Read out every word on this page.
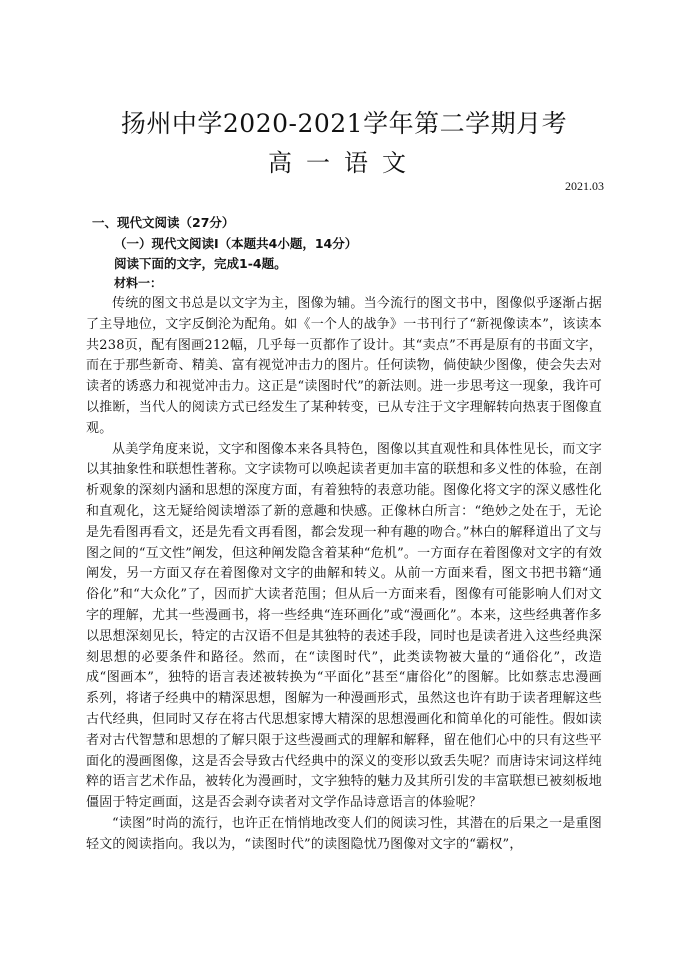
扬州中学2020-2021学年第二学期月考
高一语文
2021.03
一、现代文阅读（27分）
（一）现代文阅读Ⅰ（本题共4小题，14分）
阅读下面的文字，完成1-4题。
材料一：

传统的图文书总是以文字为主，图像为辅。当今流行的图文书中，图像似乎逐渐占据了主导地位，文字反倒沦为配角。如《一个人的战争》一书刊行了“新视像读本”，该读本共238页，配有图画212幅，几乎每一页都作了设计。其“卖点”不再是原有的书面文字，而在于那些新奇、精美、富有视觉冲击力的图片。任何读物，倘使缺少图像，使会失去对读者的诱惑力和视觉冲击力。这正是“读图时代”的新法则。进一步思考这一现象，我许可以推断，当代人的阅读方式已经发生了某种转变，已从专注于文字理解转向热衷于图像直观。

从美学角度来说，文字和图像本来各具特色，图像以其直观性和具体性见长，而文字以其抽象性和联想性著称。文字读物可以唤起读者更加丰富的联想和多义性的体验，在剖析观象的深刻内涵和思想的深度方面，有着独特的表意功能。图像化将文字的深义感性化和直观化，这无疑给阅读增添了新的意趣和快感。正像林白所言：“绝妙之处在于，无论是先看图再看文，还是先看文再看图，都会发现一种有趣的吻合。”林白的解释道出了文与图之间的“互文性”阐发，但这种阐发隐含着某种“危机”。一方面存在着图像对文字的有效阐发，另一方面又存在着图像对文字的曲解和转义。从前一方面来看，图文书把书籍“通俗化”和“大众化”了，因而扩大读者范围；但从后一方面来看，图像有可能影响人们对文字的理解，尤其一些漫画书，将一些经典“连环画化”或“漫画化”。本来，这些经典著作多以思想深刻见长，特定的古汉语不但是其独特的表述手段，同时也是读者进入这些经典深刻思想的必要条件和路径。然而，在“读图时代”，此类读物被大量的“通俗化”，改造成“图画本”，独特的语言表述被转换为“平面化”甚至“庸俗化”的图解。比如蔡志忠漫画系列，将诸子经典中的精深思想，图解为一种漫画形式，虽然这也许有助于读者理解这些古代经典，但同时又存在将古代思想家博大精深的思想漫画化和简单化的可能性。假如读者对古代智慧和思想的了解只限于这些漫画式的理解和解释，留在他们心中的只有这些平面化的漫画图像，这是否会导致古代经典中的深义的变形以致丢失呢？而唐诗宋词这样纯粹的语言艺术作品，被转化为漫画时，文字独特的魅力及其所引发的丰富联想已被刻板地僵固于特定画面，这是否会剥夺读者对文学作品诗意语言的体验呢？

“读图”时尚的流行，也许正在悄悄地改变人们的阅读习性，其潜在的后果之一是重图轻文的阅读指向。我以为，“读图时代”的读图隐忧乃图像对文字的“霸权”，
